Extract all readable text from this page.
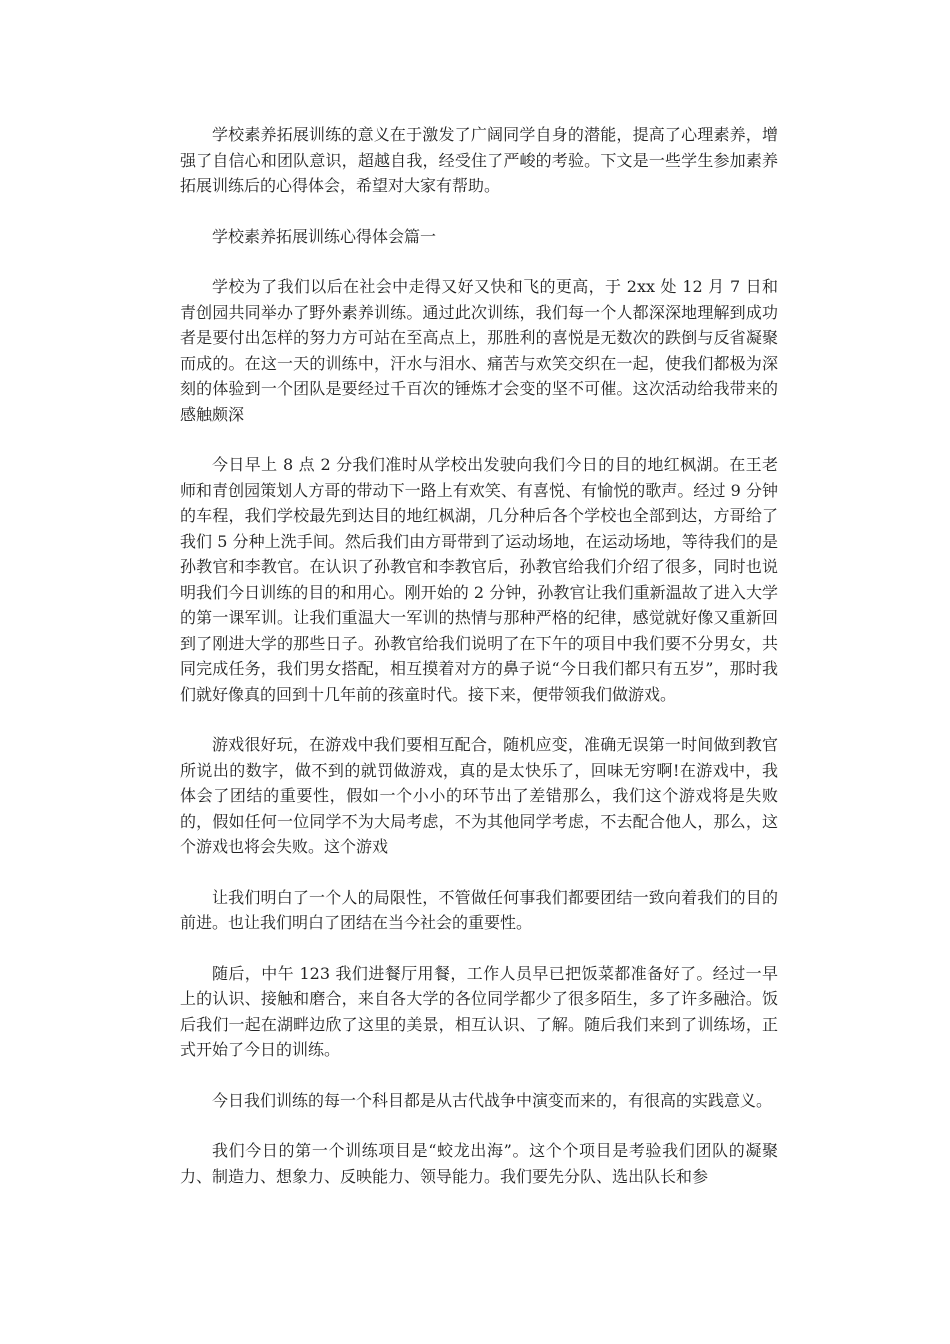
学校素养拓展训练的意义在于激发了广阔同学自身的潜能，提高了心理素养，增强了自信心和团队意识，超越自我，经受住了严峻的考验。下文是一些学生参加素养拓展训练后的心得体会，希望对大家有帮助。

学校素养拓展训练心得体会篇一

学校为了我们以后在社会中走得又好又快和飞的更高，于 2xx 处 12 月 7 日和青创园共同举办了野外素养训练。通过此次训练，我们每一个人都深深地理解到成功者是要付出怎样的努力方可站在至高点上，那胜利的喜悦是无数次的跌倒与反省凝聚而成的。在这一天的训练中，汗水与泪水、痛苦与欢笑交织在一起，使我们都极为深刻的体验到一个团队是要经过千百次的锤炼才会变的坚不可催。这次活动给我带来的感触颇深

今日早上 8 点 2 分我们准时从学校出发驶向我们今日的目的地红枫湖。在王老师和青创园策划人方哥的带动下一路上有欢笑、有喜悦、有愉悦的歌声。经过 9 分钟的车程，我们学校最先到达目的地红枫湖，几分种后各个学校也全部到达，方哥给了我们 5 分种上洗手间。然后我们由方哥带到了运动场地，在运动场地，等待我们的是孙教官和李教官。在认识了孙教官和李教官后，孙教官给我们介绍了很多，同时也说明我们今日训练的目的和用心。刚开始的 2 分钟，孙教官让我们重新温故了进入大学的第一课军训。让我们重温大一军训的热情与那种严格的纪律，感觉就好像又重新回到了刚进大学的那些日子。孙教官给我们说明了在下午的项目中我们要不分男女，共同完成任务，我们男女搭配，相互摸着对方的鼻子说“今日我们都只有五岁”，那时我们就好像真的回到十几年前的孩童时代。接下来，便带领我们做游戏。

游戏很好玩，在游戏中我们要相互配合，随机应变，准确无误第一时间做到教官所说出的数字，做不到的就罚做游戏，真的是太快乐了，回味无穷啊!在游戏中，我体会了团结的重要性，假如一个小小的环节出了差错那么，我们这个游戏将是失败的，假如任何一位同学不为大局考虑，不为其他同学考虑，不去配合他人，那么，这个游戏也将会失败。这个游戏

让我们明白了一个人的局限性，不管做任何事我们都要团结一致向着我们的目的前进。也让我们明白了团结在当今社会的重要性。

随后，中午 123 我们进餐厅用餐，工作人员早已把饭菜都准备好了。经过一早上的认识、接触和磨合，来自各大学的各位同学都少了很多陌生，多了许多融洽。饭后我们一起在湖畔边欣了这里的美景，相互认识、了解。随后我们来到了训练场，正式开始了今日的训练。

今日我们训练的每一个科目都是从古代战争中演变而来的，有很高的实践意义。

我们今日的第一个训练项目是“蛟龙出海”。这个个项目是考验我们团队的凝聚力、制造力、想象力、反映能力、领导能力。我们要先分队、选出队长和参
